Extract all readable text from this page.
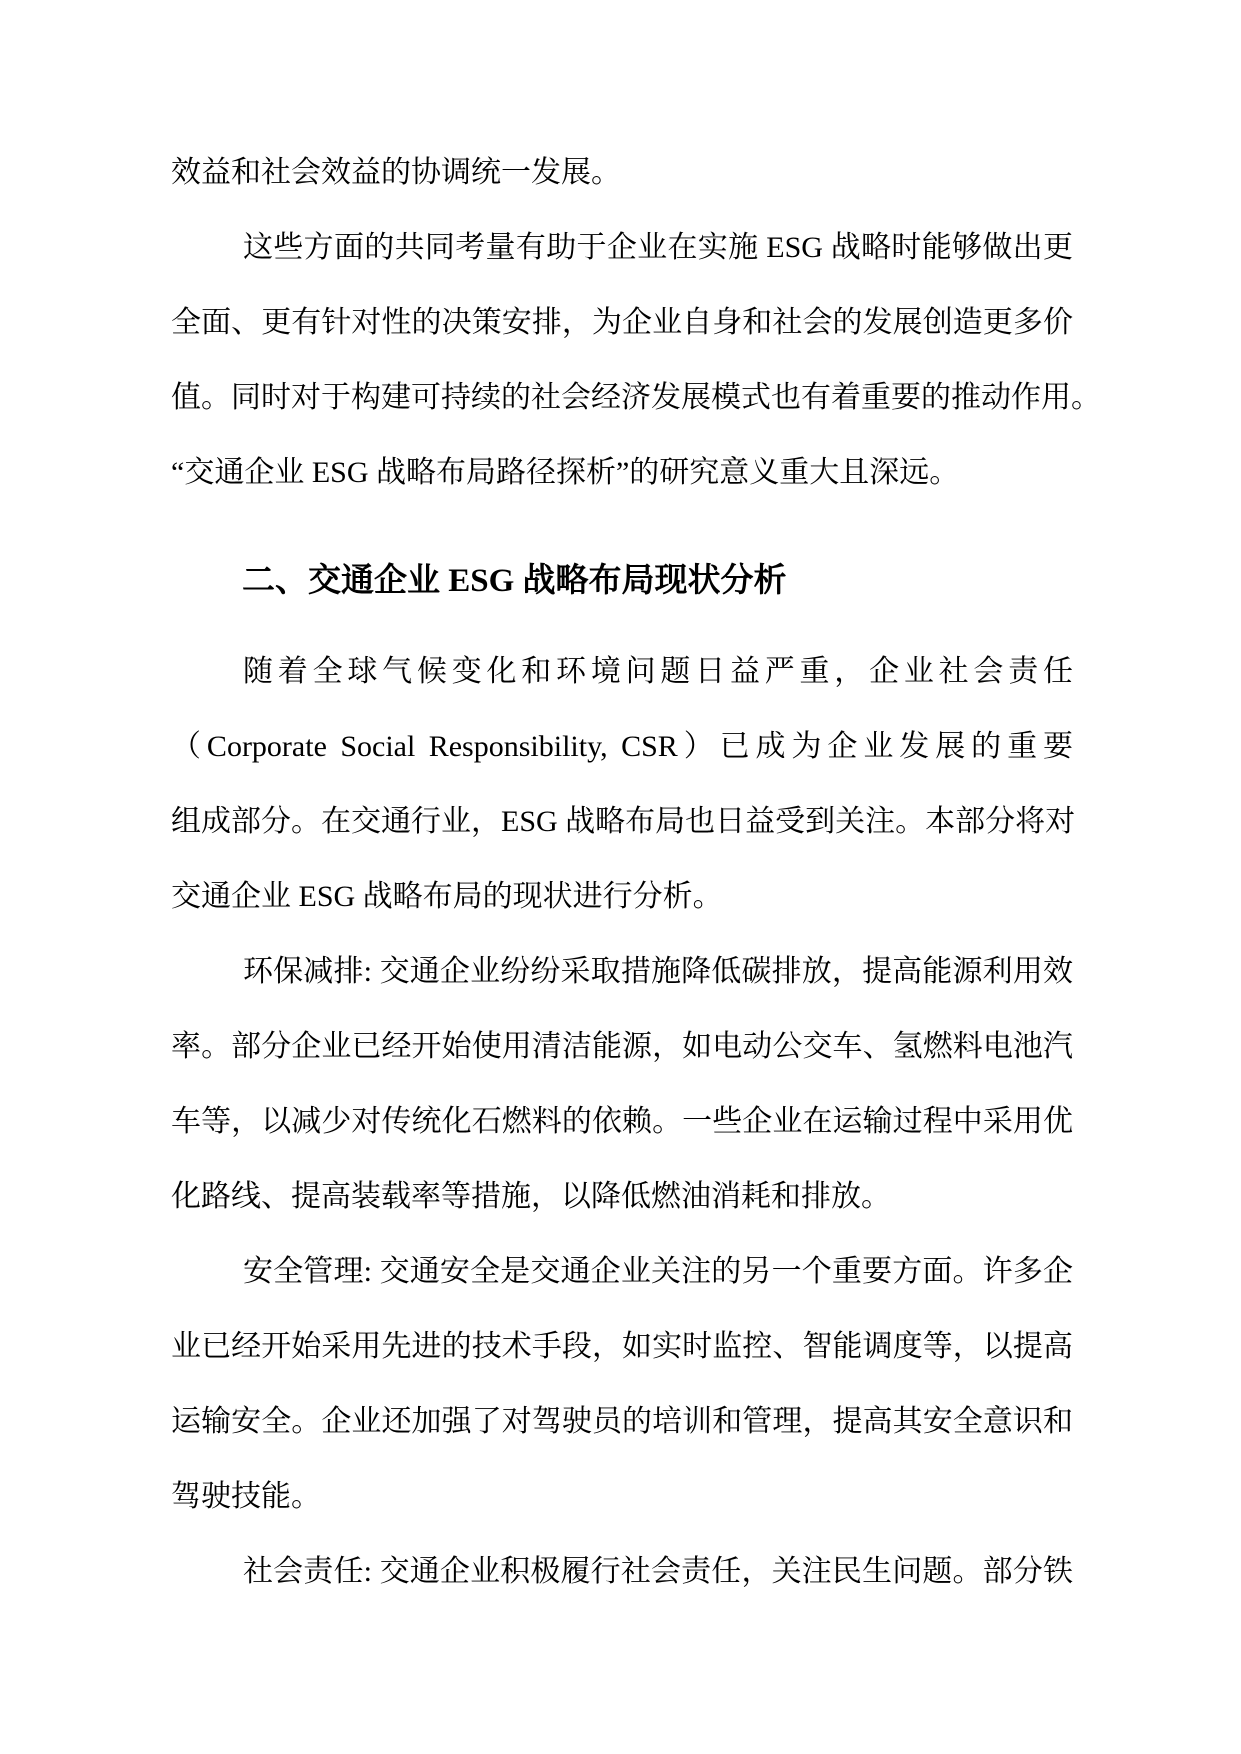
效益和社会效益的协调统一发展。
这些方面的共同考量有助于企业在实施 ESG 战略时能够做出更
全面、更有针对性的决策安排，为企业自身和社会的发展创造更多价
值。同时对于构建可持续的社会经济发展模式也有着重要的推动作用。
“交通企业 ESG 战略布局路径探析”的研究意义重大且深远。
二、交通企业 ESG 战略布局现状分析
随着全球气候变化和环境问题日益严重，企业社会责任
（Corporate Social Responsibility, CSR）已成为企业发展的重要
组成部分。在交通行业，ESG 战略布局也日益受到关注。本部分将对
交通企业 ESG 战略布局的现状进行分析。
环保减排: 交通企业纷纷采取措施降低碳排放，提高能源利用效
率。部分企业已经开始使用清洁能源，如电动公交车、氢燃料电池汽
车等，以减少对传统化石燃料的依赖。一些企业在运输过程中采用优
化路线、提高装载率等措施，以降低燃油消耗和排放。
安全管理: 交通安全是交通企业关注的另一个重要方面。许多企
业已经开始采用先进的技术手段，如实时监控、智能调度等，以提高
运输安全。企业还加强了对驾驶员的培训和管理，提高其安全意识和
驾驶技能。
社会责任: 交通企业积极履行社会责任，关注民生问题。部分铁
